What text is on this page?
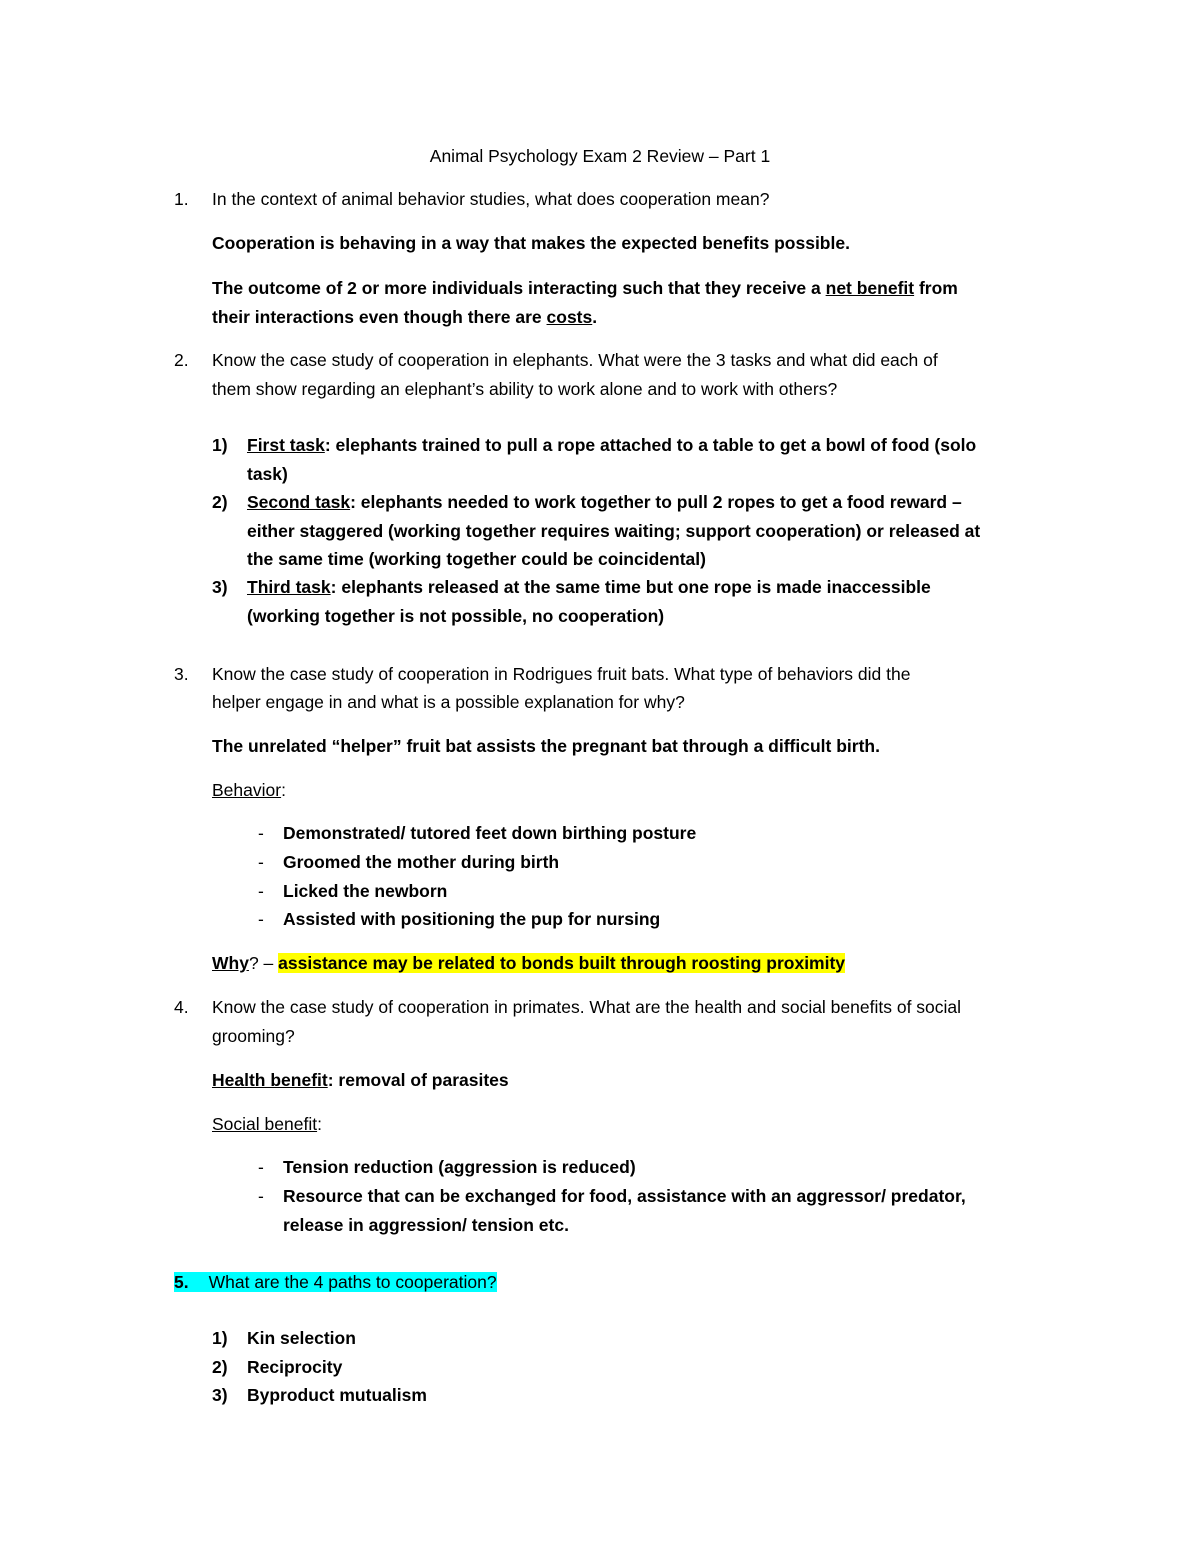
Animal Psychology Exam 2 Review – Part 1
1. In the context of animal behavior studies, what does cooperation mean?
Cooperation is behaving in a way that makes the expected benefits possible.
The outcome of 2 or more individuals interacting such that they receive a net benefit from
their interactions even though there are costs.
2. Know the case study of cooperation in elephants. What were the 3 tasks and what did each of
them show regarding an elephant’s ability to work alone and to work with others?
1) First task: elephants trained to pull a rope attached to a table to get a bowl of food (solo
task)
2) Second task: elephants needed to work together to pull 2 ropes to get a food reward –
either staggered (working together requires waiting; support cooperation) or released at
the same time (working together could be coincidental)
3) Third task: elephants released at the same time but one rope is made inaccessible
(working together is not possible, no cooperation)
3. Know the case study of cooperation in Rodrigues fruit bats. What type of behaviors did the
helper engage in and what is a possible explanation for why?
The unrelated “helper” fruit bat assists the pregnant bat through a difficult birth.
Behavior:
- Demonstrated/ tutored feet down birthing posture
- Groomed the mother during birth
- Licked the newborn
- Assisted with positioning the pup for nursing
Why? – assistance may be related to bonds built through roosting proximity
4. Know the case study of cooperation in primates. What are the health and social benefits of social
grooming?
Health benefit: removal of parasites
Social benefit:
- Tension reduction (aggression is reduced)
- Resource that can be exchanged for food, assistance with an aggressor/ predator,
release in aggression/ tension etc.
5. What are the 4 paths to cooperation?
1) Kin selection
2) Reciprocity
3) Byproduct mutualism
